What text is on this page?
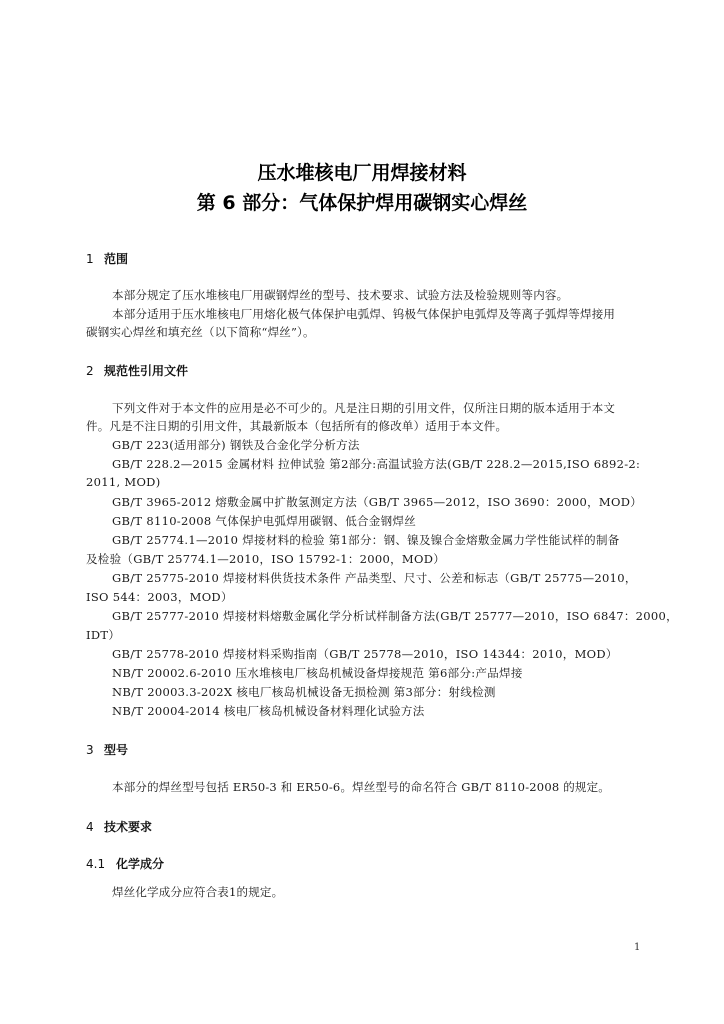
压水堆核电厂用焊接材料
第 6 部分：气体保护焊用碳钢实心焊丝
1 范围
本部分规定了压水堆核电厂用碳钢焊丝的型号、技术要求、试验方法及检验规则等内容。
本部分适用于压水堆核电厂用熔化极气体保护电弧焊、钨极气体保护电弧焊及等离子弧焊等焊接用
碳钢实心焊丝和填充丝（以下简称“焊丝”）。
2 规范性引用文件
下列文件对于本文件的应用是必不可少的。凡是注日期的引用文件，仅所注日期的版本适用于本文
件。凡是不注日期的引用文件，其最新版本（包括所有的修改单）适用于本文件。
GB/T 223(适用部分) 钢铁及合金化学分析方法
GB/T 228.2—2015 金属材料 拉伸试验 第2部分:高温试验方法(GB/T 228.2—2015,ISO 6892-2:
2011, MOD)
GB/T 3965-2012 熔敷金属中扩散氢测定方法（GB/T 3965—2012，ISO 3690：2000，MOD）
GB/T 8110-2008 气体保护电弧焊用碳钢、低合金钢焊丝
GB/T 25774.1—2010 焊接材料的检验 第1部分：钢、镍及镍合金熔敷金属力学性能试样的制备
及检验（GB/T 25774.1—2010，ISO 15792-1：2000，MOD）
GB/T 25775-2010 焊接材料供货技术条件 产品类型、尺寸、公差和标志（GB/T 25775—2010，
ISO 544：2003，MOD）
GB/T 25777-2010 焊接材料熔敷金属化学分析试样制备方法(GB/T 25777—2010，ISO 6847：2000，
IDT）
GB/T 25778-2010 焊接材料采购指南（GB/T 25778—2010，ISO 14344：2010，MOD）
NB/T 20002.6-2010 压水堆核电厂核岛机械设备焊接规范 第6部分:产品焊接
NB/T 20003.3-202X 核电厂核岛机械设备无损检测 第3部分：射线检测
NB/T 20004-2014 核电厂核岛机械设备材料理化试验方法
3 型号
本部分的焊丝型号包括 ER50-3 和 ER50-6。焊丝型号的命名符合 GB/T 8110-2008 的规定。
4 技术要求
4.1 化学成分
焊丝化学成分应符合表1的规定。
1
